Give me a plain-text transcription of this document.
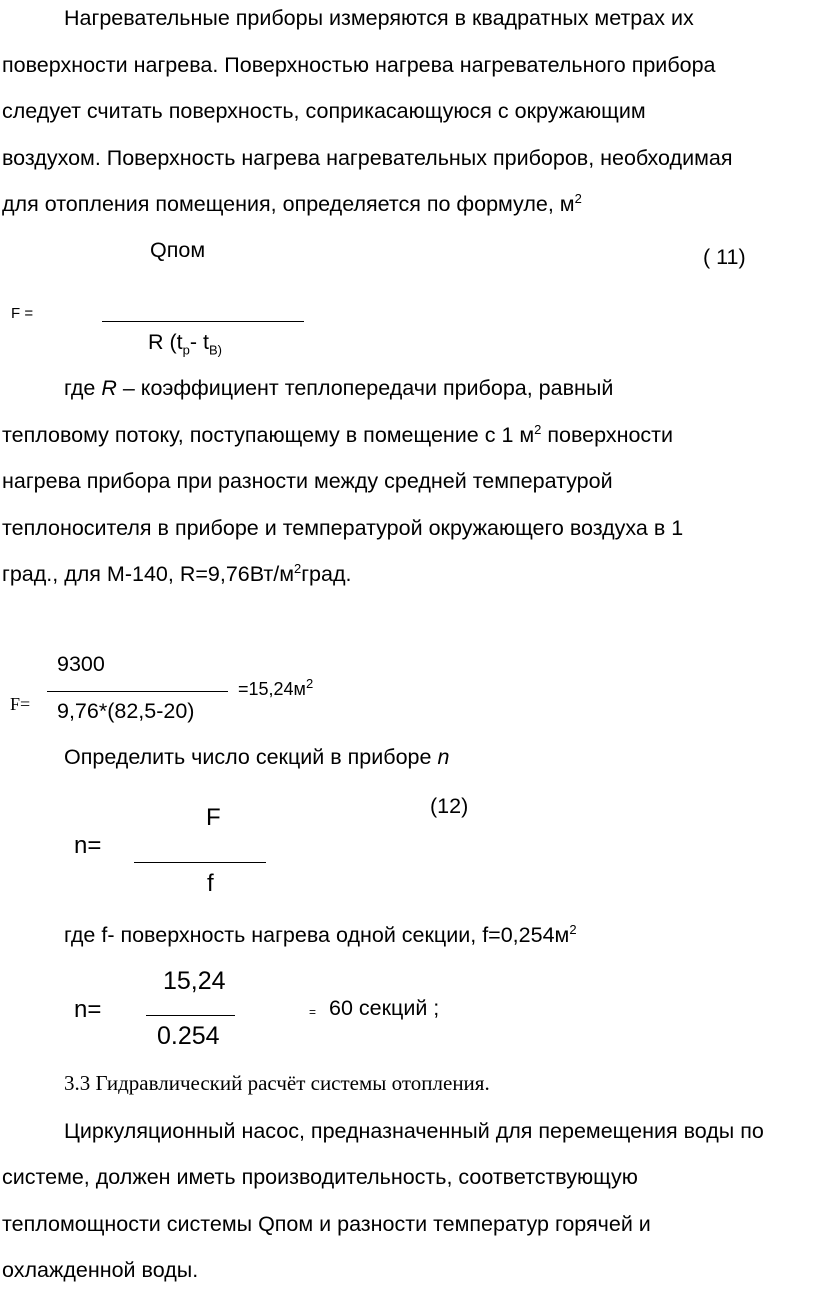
Нагревательные приборы измеряются в квадратных метрах их
поверхности нагрева. Поверхностью нагрева нагревательного прибора
следует считать поверхность, соприкасающуюся с окружающим
воздухом. Поверхность нагрева нагревательных приборов, необходимая
для отопления помещения, определяется по формуле, $м^2$
Qпом	( 11)
F =
R ($t_p-$ $t_{B)}$
где R – коэффициент теплопередачи прибора, равный
тепловому потоку, поступающему в помещение с 1 $м^2$ поверхности
нагрева прибора при разности между средней температурой
теплоносителя в приборе и температурой окружающего воздуха в 1
град., для М-140, $R=9,76Вт/м^2град$.
9300
$=15,24м^2$
F= 9,76*(82,5-20)
Определить число секций в приборе n
(12)
F
n=
f
где f- поверхность нагрева одной секции, $f=0,254м^2$
15,24
n=	= 60 секций ;
0.254
3.3 Гидравлический расчёт системы отопления.
Циркуляционный насос, предназначенный для перемещения воды по
системе, должен иметь производительность, соответствующую
тепломощности системы Qпом и разности температур горячей и
охлажденной воды.
